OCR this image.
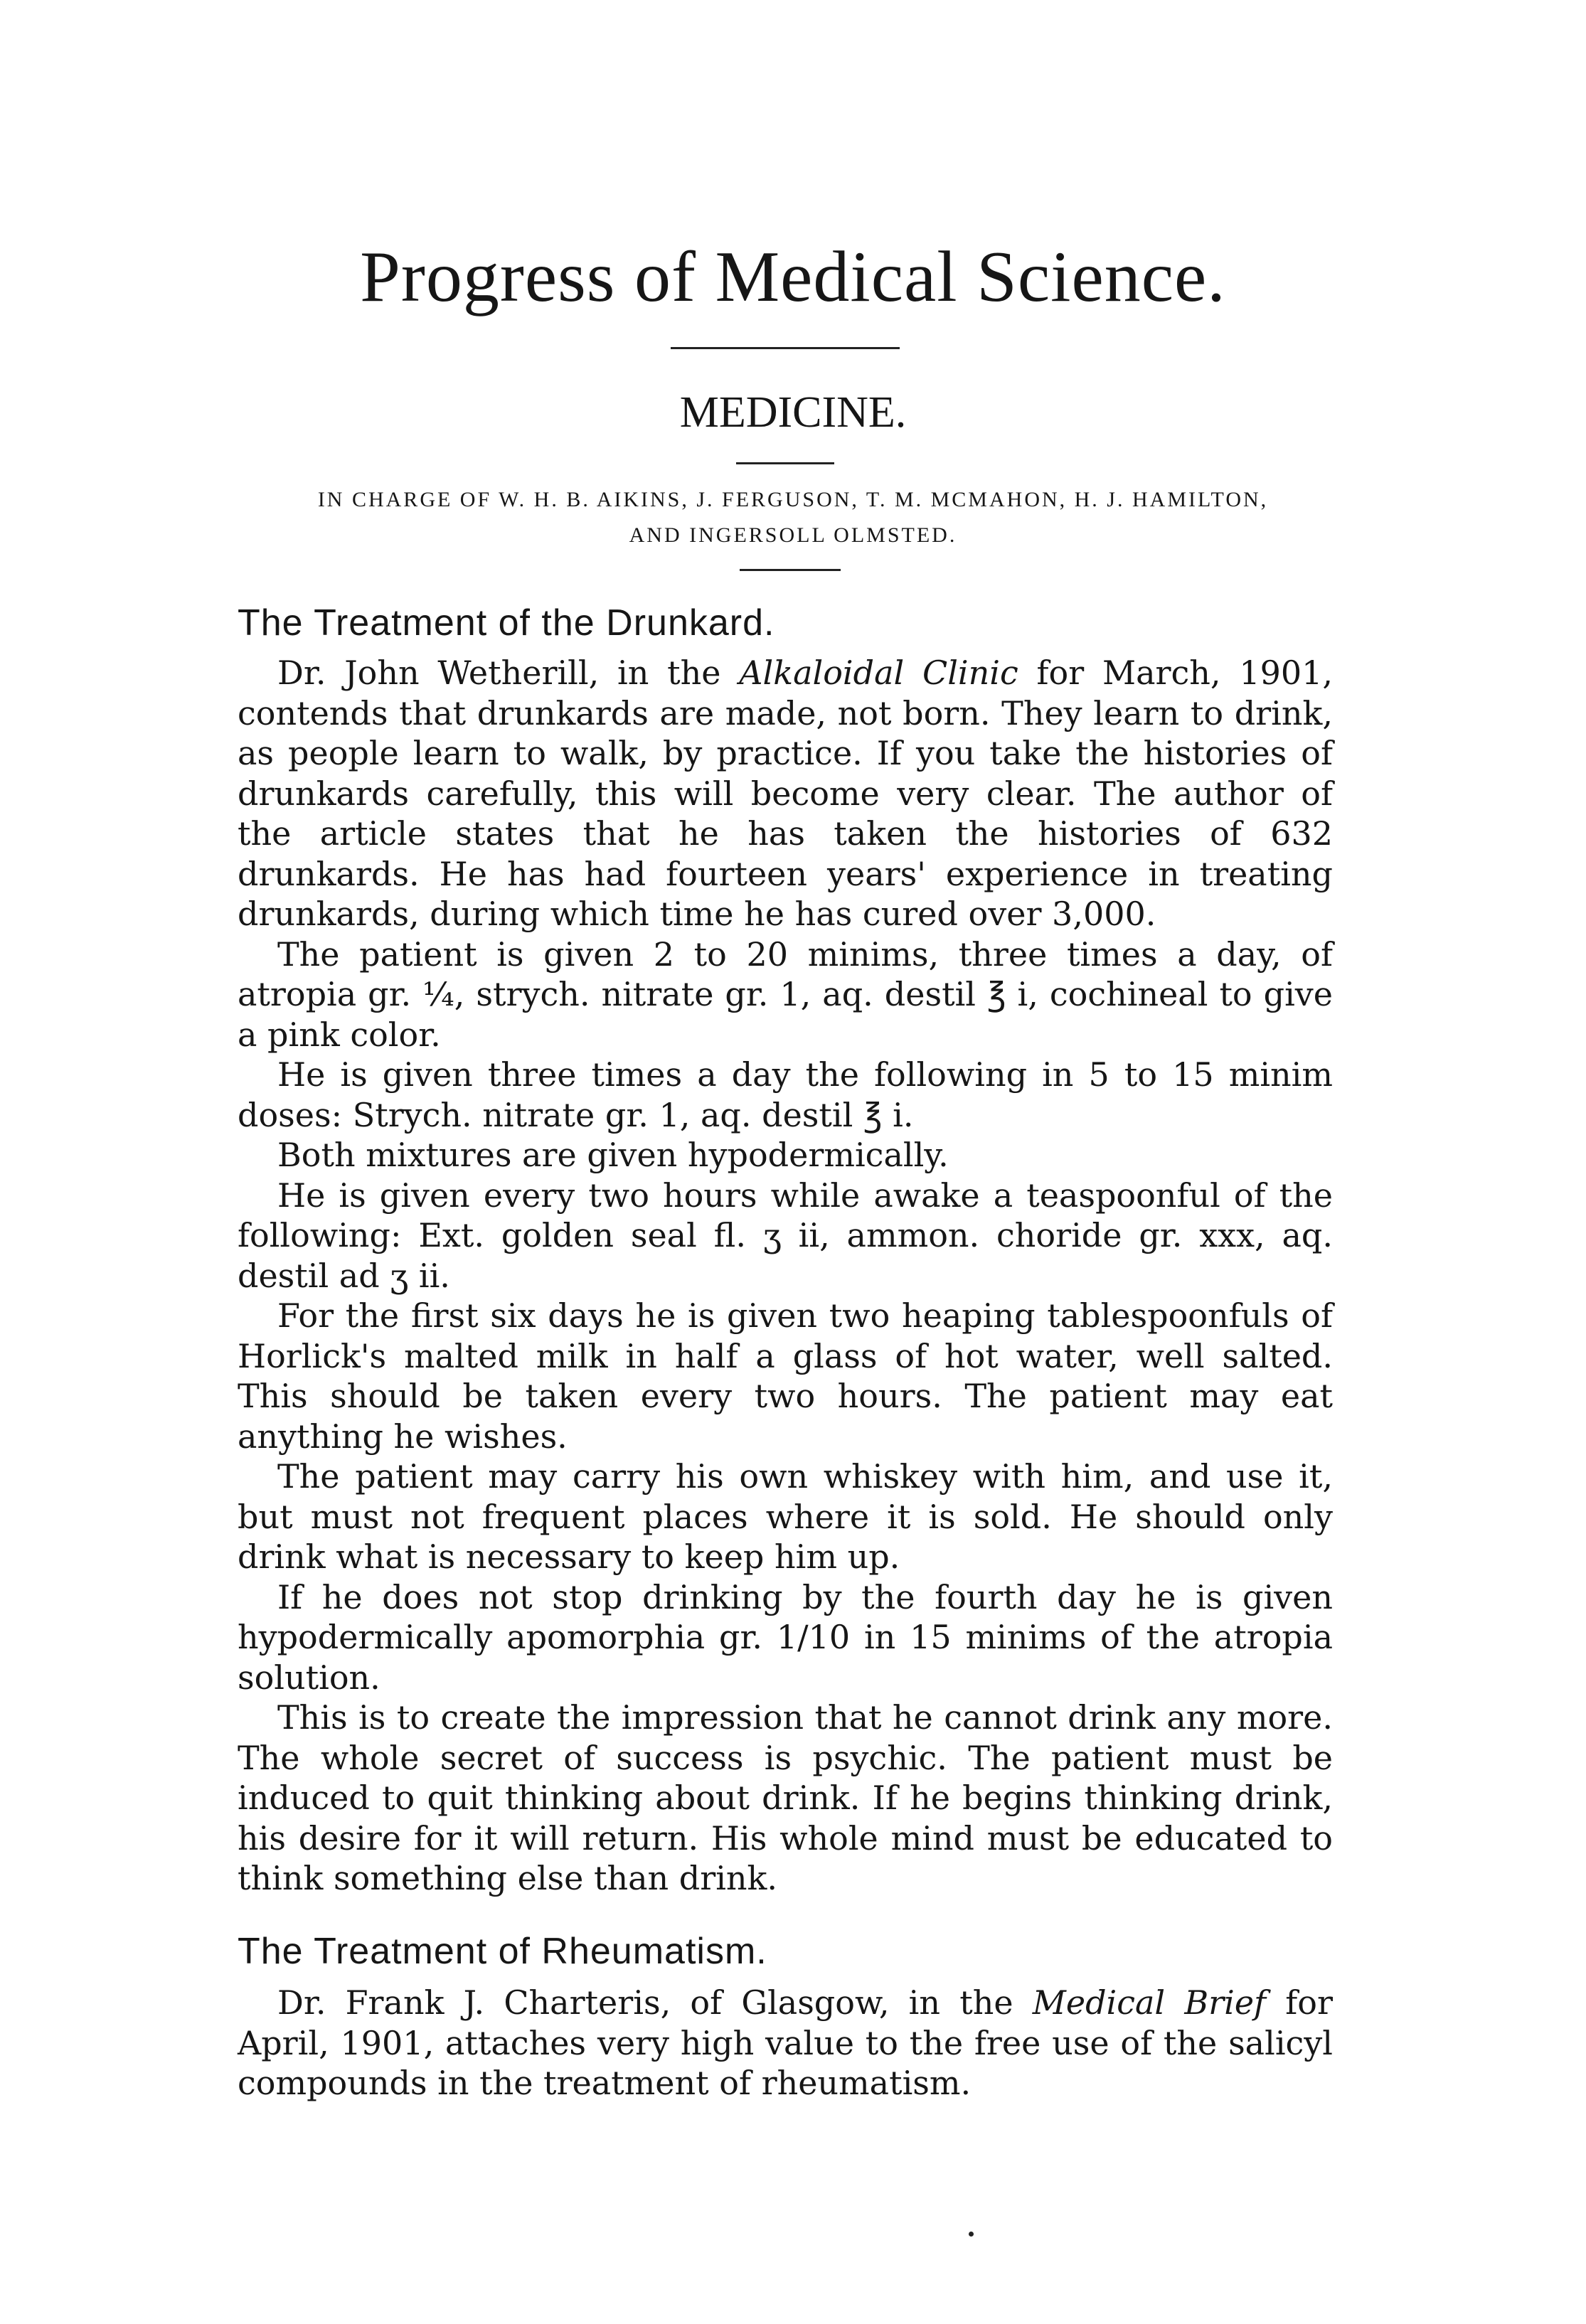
Progress of Medical Science.
MEDICINE.
IN CHARGE OF W. H. B. AIKINS, J. FERGUSON, T. M. MCMAHON, H. J. HAMILTON,
AND INGERSOLL OLMSTED.
The Treatment of the Drunkard.

Dr. John Wetherill, in the Alkaloidal Clinic for March, 1901, contends that drunkards are made, not born. They learn to drink, as people learn to walk, by practice. If you take the histories of drunkards carefully, this will become very clear. The author of the article states that he has taken the histories of 632 drunkards. He has had fourteen years' experience in treating drunkards, during which time he has cured over 3,000.

The patient is given 2 to 20 minims, three times a day, of atropia gr. ¼, strych. nitrate gr. 1, aq. destil ℥ i, cochineal to give a pink color.

He is given three times a day the following in 5 to 15 minim doses: Strych. nitrate gr. 1, aq. destil ℥ i.

Both mixtures are given hypodermically.

He is given every two hours while awake a teaspoonful of the following: Ext. golden seal fl. ʒ ii, ammon. choride gr. xxx, aq. destil ad ʒ ii.

For the first six days he is given two heaping tablespoonfuls of Horlick's malted milk in half a glass of hot water, well salted. This should be taken every two hours. The patient may eat anything he wishes.

The patient may carry his own whiskey with him, and use it, but must not frequent places where it is sold. He should only drink what is necessary to keep him up.

If he does not stop drinking by the fourth day he is given hypodermically apomorphia gr. 1/10 in 15 minims of the atropia solution.

This is to create the impression that he cannot drink any more. The whole secret of success is psychic. The patient must be induced to quit thinking about drink. If he begins thinking drink, his desire for it will return. His whole mind must be educated to think something else than drink.

The Treatment of Rheumatism.

Dr. Frank J. Charteris, of Glasgow, in the Medical Brief for April, 1901, attaches very high value to the free use of the salicyl compounds in the treatment of rheumatism.
